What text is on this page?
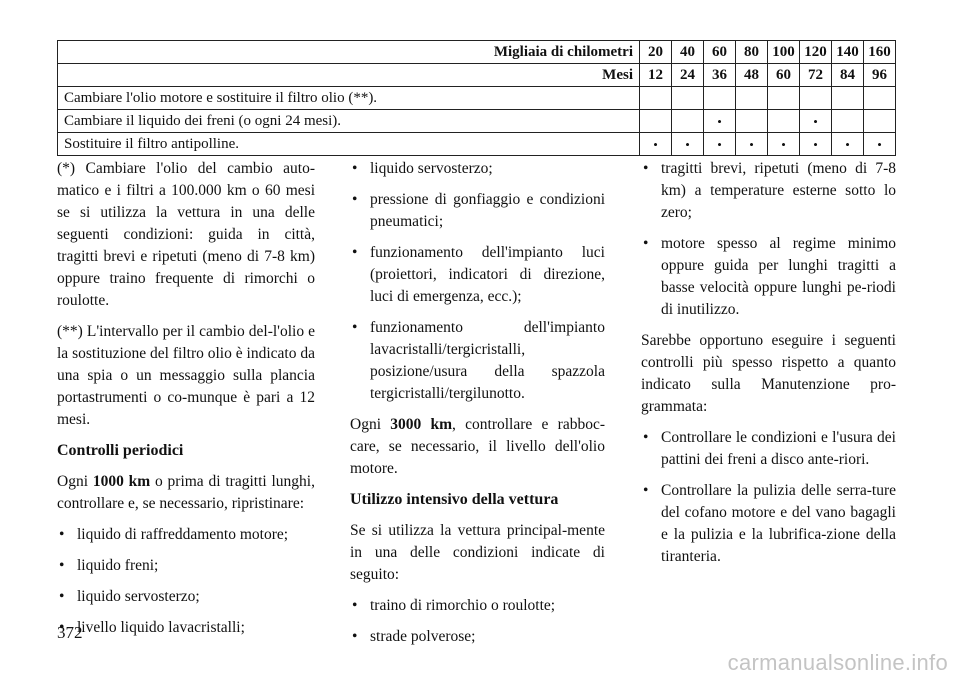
Migliaia di chilometri	20	40	60	80	100	120	140	160
Mesi	12	24	36	48	60	72	84	96
Cambiare l'olio motore e sostituire il filtro olio (**).								
Cambiare il liquido dei freni (o ogni 24 mesi).			•			•		
Sostituire il filtro antipolline.	•	•	•	•	•	•	•	•

(*) Cambiare l'olio del cambio auto-matico e i filtri a 100.000 km o 60 mesi se si utilizza la vettura in una delle seguenti condizioni: guida in città, tragitti brevi e ripetuti (meno di 7-8 km) oppure traino frequente di rimorchi o roulotte.

(**) L'intervallo per il cambio del-l'olio e la sostituzione del filtro olio è indicato da una spia o un messaggio sulla plancia portastrumenti o co-munque è pari a 12 mesi.

Controlli periodici

Ogni 1000 km o prima di tragitti lunghi, controllare e, se necessario, ripristinare:

• liquido di raffreddamento motore;
• liquido freni;
• liquido servosterzo;
• livello liquido lavacristalli;
• liquido servosterzo;
• pressione di gonfiaggio e condizioni pneumatici;
• funzionamento dell'impianto luci (proiettori, indicatori di direzione, luci di emergenza, ecc.);
• funzionamento dell'impianto lavacristalli/tergicristalli, posizione/usura della spazzola tergicristalli/tergilunotto.

Ogni 3000 km, controllare e rabboc-care, se necessario, il livello dell'olio motore.

Utilizzo intensivo della vettura

Se si utilizza la vettura principal-mente in una delle condizioni indicate di seguito:

• traino di rimorchio o roulotte;
• strade polverose;
• tragitti brevi, ripetuti (meno di 7-8 km) a temperature esterne sotto lo zero;
• motore spesso al regime minimo oppure guida per lunghi tragitti a basse velocità oppure lunghi pe-riodi di inutilizzo.

Sarebbe opportuno eseguire i seguenti controlli più spesso rispetto a quanto indicato sulla Manutenzione pro-grammata:

• Controllare le condizioni e l'usura dei pattini dei freni a disco ante-riori.
• Controllare la pulizia delle serra-ture del cofano motore e del vano bagagli e la pulizia e la lubrifica-zione della tiranteria.
372
carmanualsonline.info
